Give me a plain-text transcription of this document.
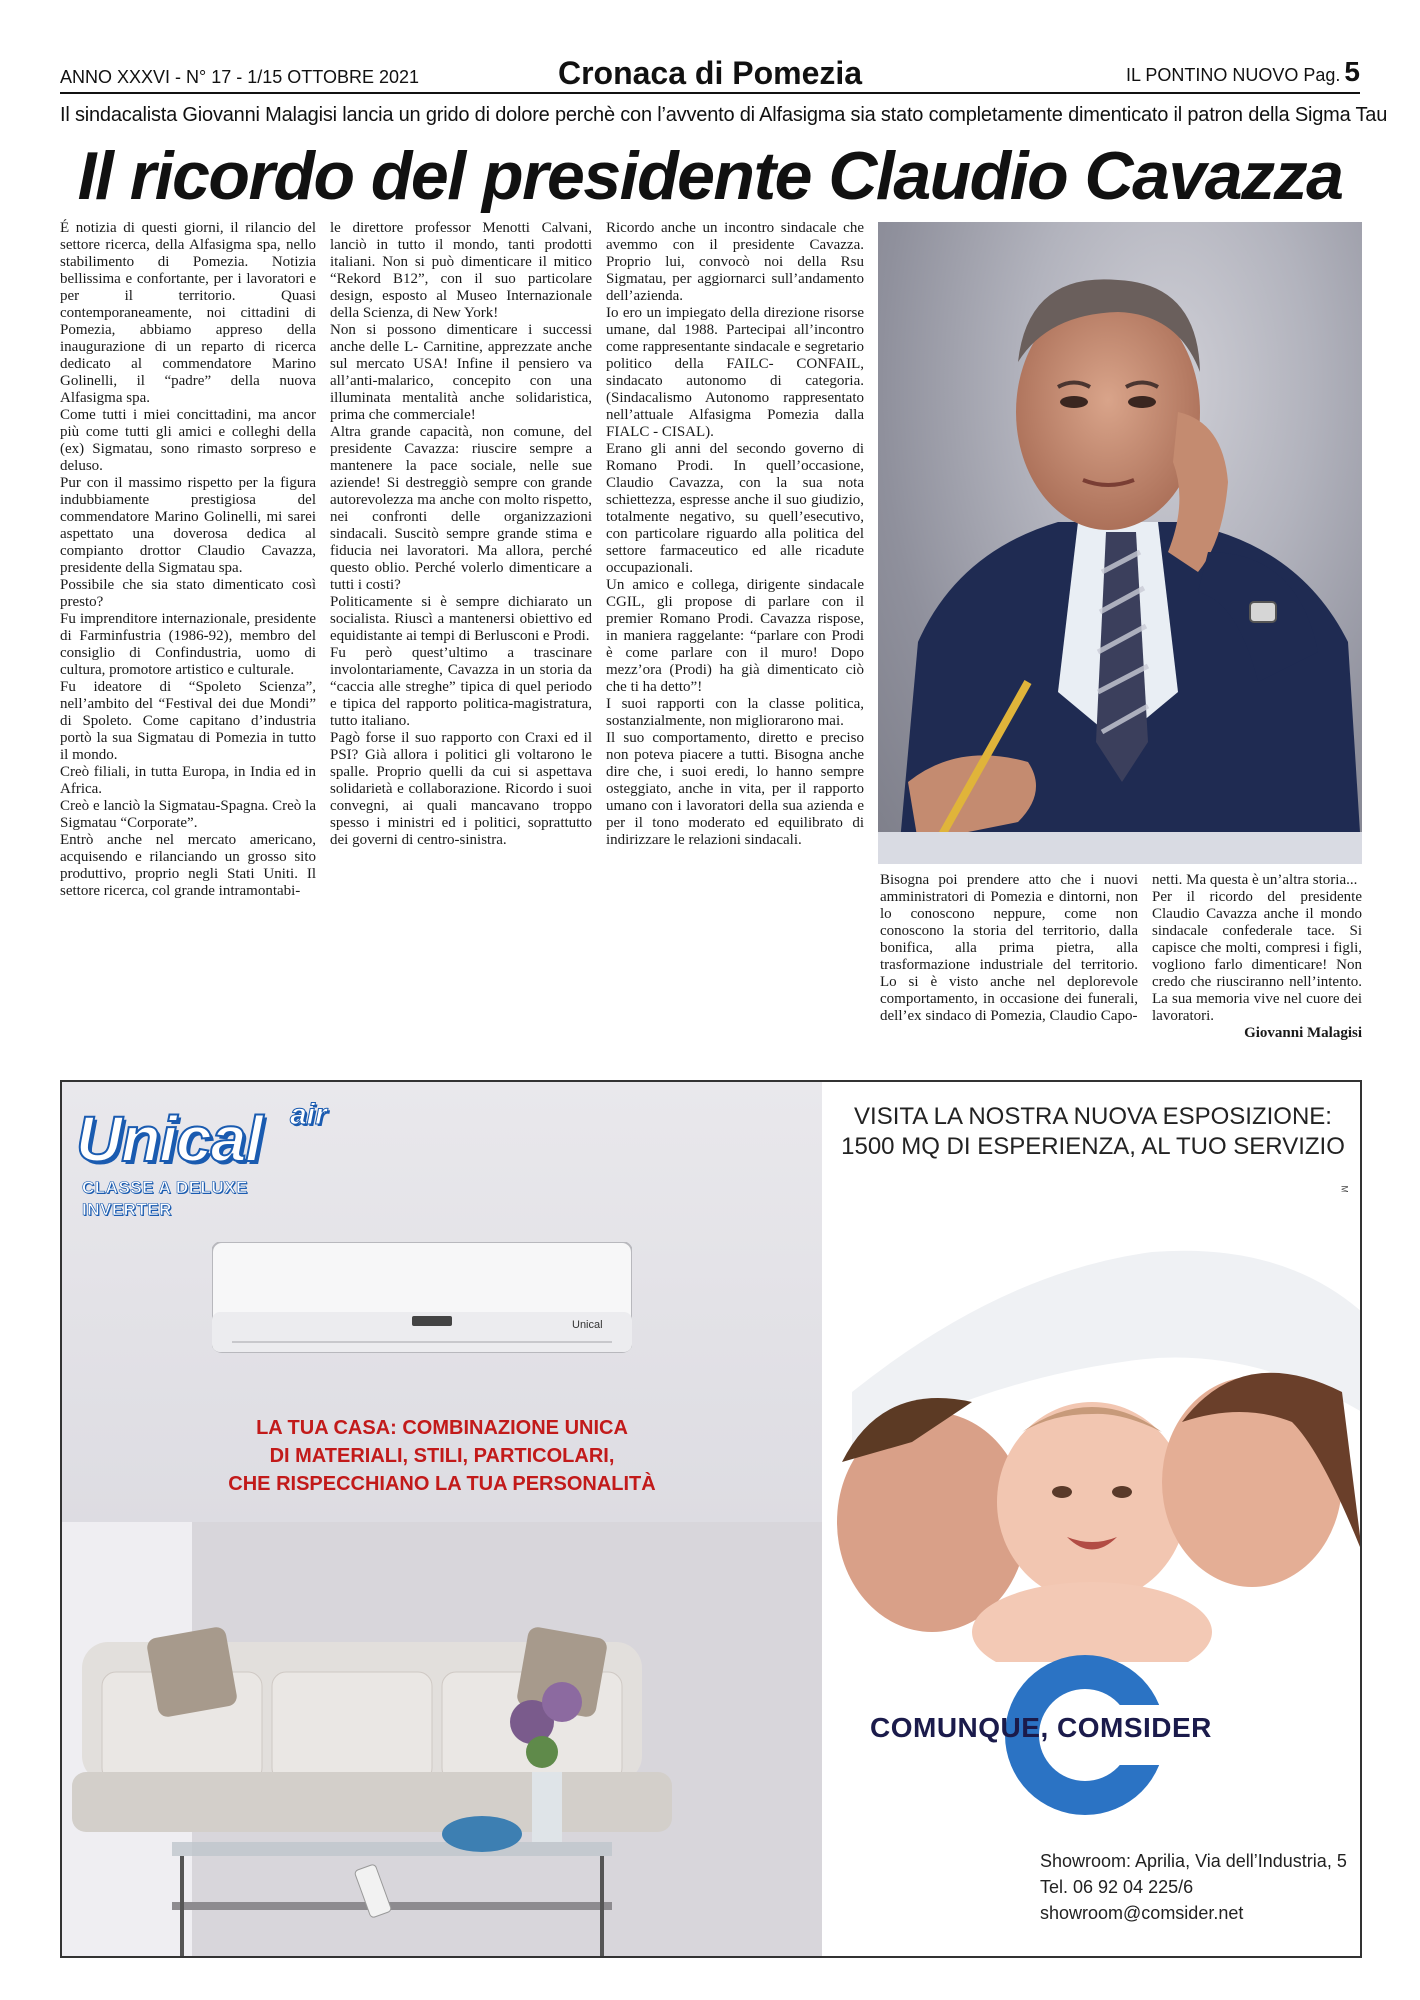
ANNO XXXVI - N° 17 - 1/15 OTTOBRE 2021	Cronaca di Pomezia	IL PONTINO NUOVO Pag. 5
Il sindacalista Giovanni Malagisi lancia un grido di dolore perchè con l’avvento di Alfasigma sia stato completamente dimenticato il patron della Sigma Tau
Il ricordo del presidente Claudio Cavazza

É notizia di questi giorni, il rilancio del settore ricerca, della Alfasigma spa, nello stabilimento di Pomezia. Notizia bellissima e confortante, per i lavoratori e per il territorio. Quasi contemporaneamente, noi cittadini di Pomezia, abbiamo appreso della inaugurazione di un reparto di ricerca dedicato al commendatore Marino Golinelli, il “padre” della nuova Alfasigma spa.

Come tutti i miei concittadini, ma ancor più come tutti gli amici e colleghi della (ex) Sigmatau, sono rimasto sorpreso e deluso.

Pur con il massimo rispetto per la figura indubbiamente prestigiosa del commendatore Marino Golinelli, mi sarei aspettato una doverosa dedica al compianto drottor Claudio Cavazza, presidente della Sigmatau spa.

Possibile che sia stato dimenticato così presto?

Fu imprenditore internazionale, presidente di Farminfustria (1986-92), membro del consiglio di Confindustria, uomo di cultura, promotore artistico e culturale.

Fu ideatore di “Spoleto Scienza”, nell’ambito del “Festival dei due Mondi” di Spoleto. Come capitano d’industria portò la sua Sigmatau di Pomezia in tutto il mondo.

Creò filiali, in tutta Europa, in India ed in Africa.

Creò e lanciò la Sigmatau-Spagna. Creò la Sigmatau “Corporate”.

Entrò anche nel mercato americano, acquisendo e rilanciando un grosso sito produttivo, proprio negli Stati Uniti. Il settore ricerca, col grande intramontabi-

le direttore professor Menotti Calvani, lanciò in tutto il mondo, tanti prodotti italiani. Non si può dimenticare il mitico “Rekord B12”, con il suo particolare design, esposto al Museo Internazionale della Scienza, di New York!

Non si possono dimenticare i successi anche delle L- Carnitine, apprezzate anche sul mercato USA! Infine il pensiero va all’anti-malarico, concepito con una illuminata mentalità anche solidaristica, prima che commerciale!

Altra grande capacità, non comune, del presidente Cavazza: riuscire sempre a mantenere la pace sociale, nelle sue aziende! Si destreggiò sempre con grande autorevolezza ma anche con molto rispetto, nei confronti delle organizzazioni sindacali. Suscitò sempre grande stima e fiducia nei lavoratori. Ma allora, perché questo oblio. Perché volerlo dimenticare a tutti i costi?

Politicamente si è sempre dichiarato un socialista. Riuscì a mantenersi obiettivo ed equidistante ai tempi di Berlusconi e Prodi.

Fu però quest’ultimo a trascinare involontariamente, Cavazza in un storia da “caccia alle streghe” tipica di quel periodo e tipica del rapporto politica-magistratura, tutto italiano.

Pagò forse il suo rapporto con Craxi ed il PSI? Già allora i politici gli voltarono le spalle. Proprio quelli da cui si aspettava solidarietà e collaborazione. Ricordo i suoi convegni, ai quali mancavano troppo spesso i ministri ed i politici, soprattutto dei governi di centro-sinistra.

Ricordo anche un incontro sindacale che avemmo con il presidente Cavazza. Proprio lui, convocò noi della Rsu Sigmatau, per aggiornarci sull’andamento dell’azienda.

Io ero un impiegato della direzione risorse umane, dal 1988. Partecipai all’incontro come rappresentante sindacale e segretario politico della FAILC- CONFAIL, sindacato autonomo di categoria. (Sindacalismo Autonomo rappresentato nell’attuale Alfasigma Pomezia dalla FIALC - CISAL).

Erano gli anni del secondo governo di Romano Prodi. In quell’occasione, Claudio Cavazza, con la sua nota schiettezza, espresse anche il suo giudizio, totalmente negativo, su quell’esecutivo, con particolare riguardo alla politica del settore farmaceutico ed alle ricadute occupazionali.

Un amico e collega, dirigente sindacale CGIL, gli propose di parlare con il premier Romano Prodi. Cavazza rispose, in maniera raggelante: “parlare con Prodi è come parlare con il muro! Dopo mezz’ora (Prodi) ha già dimenticato ciò che ti ha detto”!

I suoi rapporti con la classe politica, sostanzialmente, non migliorarono mai.

Il suo comportamento, diretto e preciso non poteva piacere a tutti. Bisogna anche dire che, i suoi eredi, lo hanno sempre osteggiato, anche in vita, per il rapporto umano con i lavoratori della sua azienda e per il tono moderato ed equilibrato di indirizzare le relazioni sindacali.

Bisogna poi prendere atto che i nuovi amministratori di Pomezia e dintorni, non lo conoscono neppure, come non conoscono la storia del territorio, dalla bonifica, alla prima pietra, alla trasformazione industriale del territorio. Lo si è visto anche nel deplorevole comportamento, in occasione dei funerali, dell’ex sindaco di Pomezia, Claudio Capo-

netti. Ma questa è un’altra storia...

Per il ricordo del presidente Claudio Cavazza anche il mondo sindacale confederale tace. Si capisce che molti, compresi i figli, vogliono farlo dimenticare! Non credo che riusciranno nell’intento. La sua memoria vive nel cuore dei lavoratori.

Giovanni Malagisi

Unical air
CLASSE A DELUXE
INVERTER
Unical
LA TUA CASA: COMBINAZIONE UNICA
DI MATERIALI, STILI, PARTICOLARI,
CHE RISPECCHIANO LA TUA PERSONALITÀ
VISITA LA NOSTRA NUOVA ESPOSIZIONE:
1500 MQ DI ESPERIENZA, AL TUO SERVIZIO
COMUNQUE, COMSIDER
Showroom: Aprilia, Via dell’Industria, 5
Tel. 06 92 04 225/6 showroom@comsider.net
